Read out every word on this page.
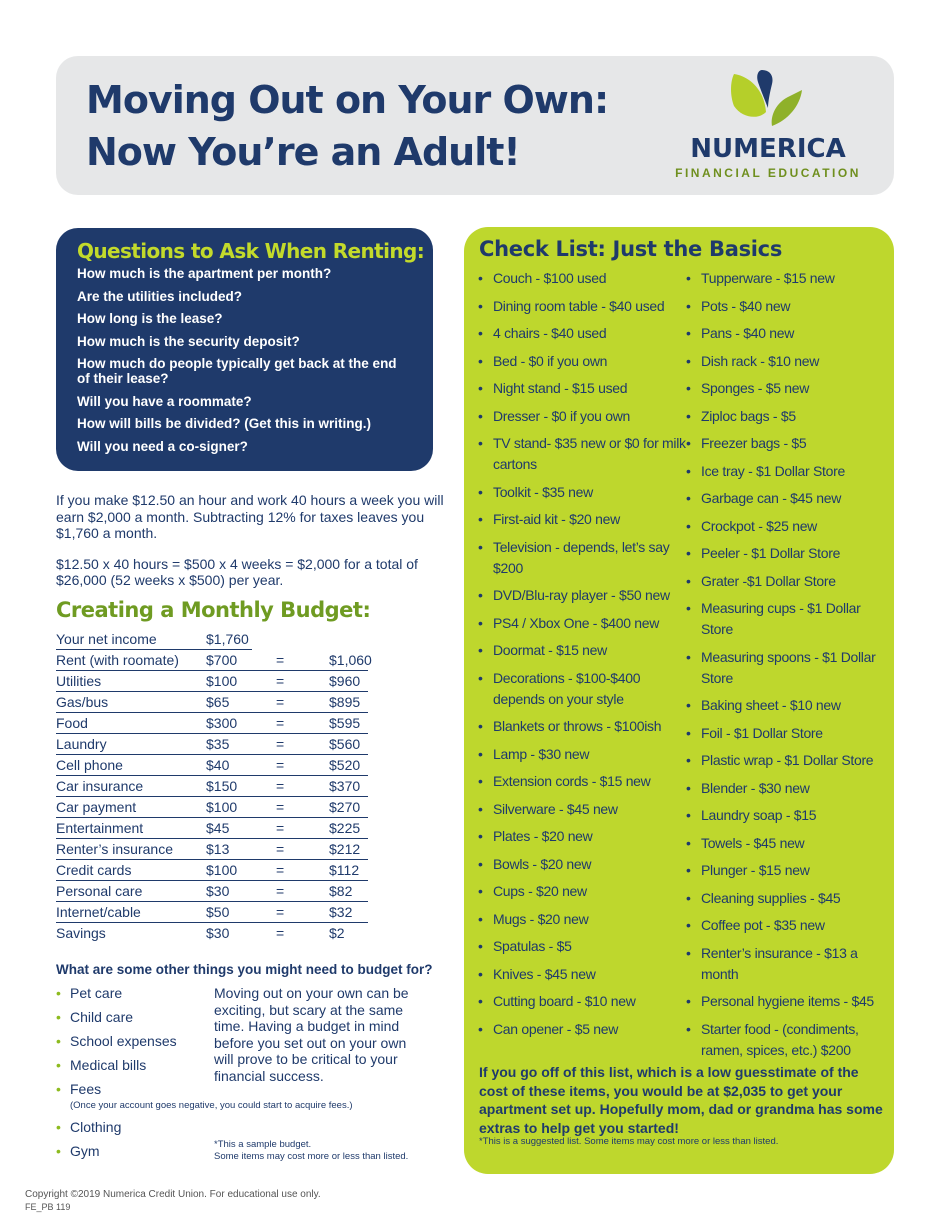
Moving Out on Your Own:
Now You’re an Adult!	NUMERICA
FINANCIAL EDUCATION
Questions to Ask When Renting:
How much is the apartment per month?
Are the utilities included?
How long is the lease?
How much is the security deposit?
How much do people typically get back at the end of their lease?
Will you have a roommate?
How will bills be divided? (Get this in writing.)
Will you need a co-signer?

If you make $12.50 an hour and work 40 hours a week you will earn $2,000 a month. Subtracting 12% for taxes leaves you $1,760 a month.

$12.50 x 40 hours = $500 x 4 weeks = $2,000 for a total of $26,000 (52 weeks x $500) per year.

Creating a Monthly Budget:
Your net income	$1,760
Rent (with roomate) $700	=	$1,060
Utilities	$100	=	$960
Gas/bus	$65	=	$895
Food	$300	=	$595
Laundry	$35	=	$560
Cell phone	$40	=	$520
Car insurance	$150	=	$370
Car payment	$100	=	$270
Entertainment	$45	=	$225
Renter’s insurance $13	=	$212
Credit cards	$100	=	$112
Personal care	$30	=	$82
Internet/cable	$50	=	$32
Savings	$30	=	$2
What are some other things you might need to budget for?
• Pet care
• Child care
• School expenses
• Medical bills
• Fees
(Once your account goes negative, you could start to acquire fees.)
• Clothing
• Gym
Moving out on your own can be exciting, but scary at the same time. Having a budget in mind before you set out on your own will prove to be critical to your financial success.
*This a sample budget.
Some items may cost more or less than listed.
Copyright ©2019 Numerica Credit Union. For educational use only.
FE_PB 119
Check List: Just the Basics
• Couch - $100 used
• Dining room table - $40 used
• 4 chairs - $40 used
• Bed - $0 if you own
• Night stand - $15 used
• Dresser - $0 if you own
• TV stand- $35 new or $0 for milk cartons
• Toolkit - $35 new
• First-aid kit - $20 new
• Television - depends, let’s say $200
• DVD/Blu-ray player - $50 new
• PS4 / Xbox One - $400 new
• Doormat - $15 new
• Decorations - $100-$400 depends on your style
• Blankets or throws - $100ish
• Lamp - $30 new
• Extension cords - $15 new
• Silverware - $45 new
• Plates - $20 new
• Bowls - $20 new
• Cups - $20 new
• Mugs - $20 new
• Spatulas - $5
• Knives - $45 new
• Cutting board - $10 new
• Can opener - $5 new
• Tupperware - $15 new
• Pots - $40 new
• Pans - $40 new
• Dish rack - $10 new
• Sponges - $5 new
• Ziploc bags - $5
• Freezer bags - $5
• Ice tray - $1 Dollar Store
• Garbage can - $45 new
• Crockpot - $25 new
• Peeler - $1 Dollar Store
• Grater -$1 Dollar Store
• Measuring cups - $1 Dollar Store
• Measuring spoons - $1 Dollar Store
• Baking sheet - $10 new
• Foil - $1 Dollar Store
• Plastic wrap - $1 Dollar Store
• Blender - $30 new
• Laundry soap - $15
• Towels - $45 new
• Plunger - $15 new
• Cleaning supplies - $45
• Coffee pot - $35 new
• Renter’s insurance - $13 a month
• Personal hygiene items - $45
• Starter food - (condiments, ramen, spices, etc.) $200
If you go off of this list, which is a low guesstimate of the cost of these items, you would be at $2,035 to get your apartment set up. Hopefully mom, dad or grandma has some extras to help get you started!
*This is a suggested list. Some items may cost more or less than listed.
